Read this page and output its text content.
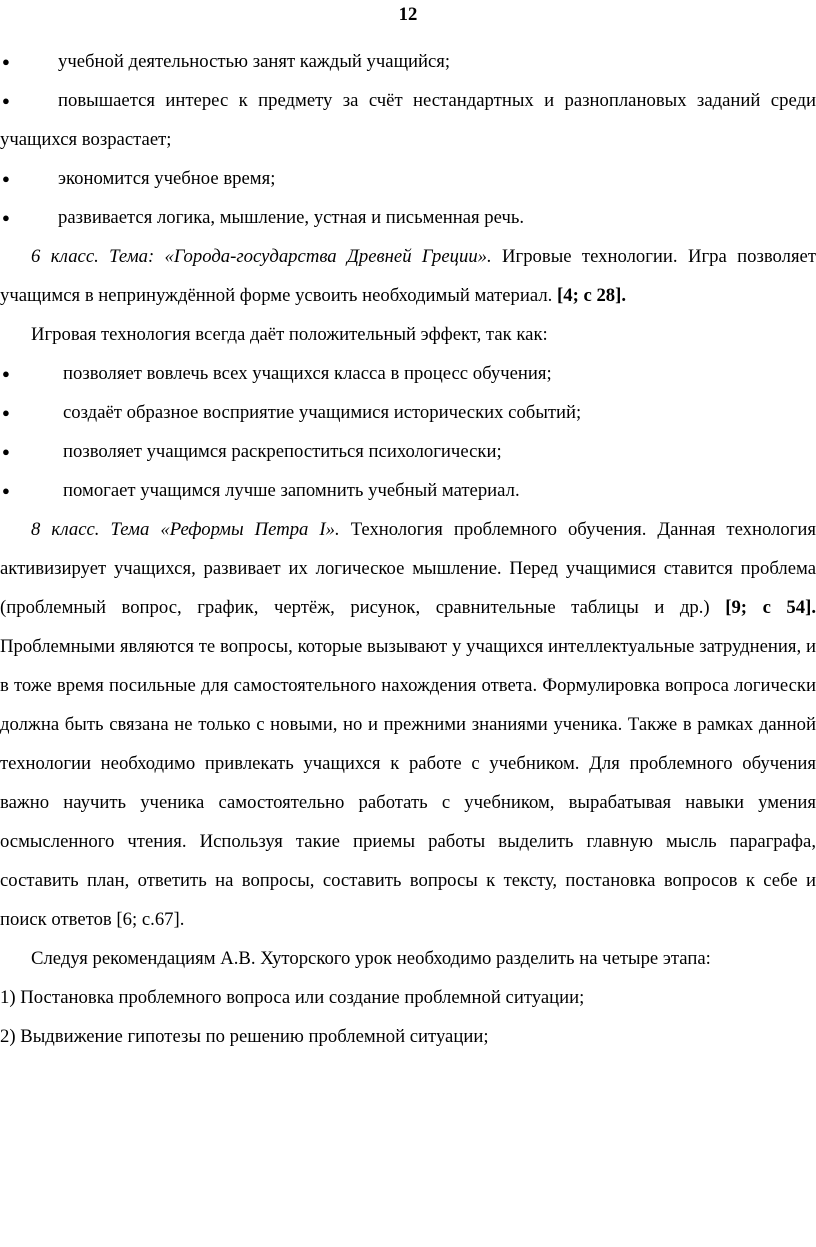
12

●	учебной деятельностью занят каждый учащийся;

●	повышается интерес к предмету за счёт нестандартных и разноплановых заданий среди учащихся возрастает;

●	экономится учебное время;

●	развивается логика, мышление, устная и письменная речь.

6 класс. Тема: «Города-государства Древней Греции». Игровые технологии. Игра позволяет учащимся в непринуждённой форме усвоить необходимый материал. [4; с 28].

Игровая технология всегда даёт положительный эффект, так как:

●	позволяет вовлечь всех учащихся класса в процесс обучения;

●	создаёт образное восприятие учащимися исторических событий;

●	позволяет учащимся раскрепоститься психологически;

●	помогает учащимся лучше запомнить учебный материал.

8 класс. Тема «Реформы Петра I». Технология проблемного обучения. Данная технология активизирует учащихся, развивает их логическое мышление. Перед учащимися ставится проблема (проблемный вопрос, график, чертёж, рисунок, сравнительные таблицы и др.) [9; с 54]. Проблемными являются те вопросы, которые вызывают у учащихся интеллектуальные затруднения, и в тоже время посильные для самостоятельного нахождения ответа. Формулировка вопроса логически должна быть связана не только с новыми, но и прежними знаниями ученика. Также в рамках данной технологии необходимо привлекать учащихся к работе с учебником. Для проблемного обучения важно научить ученика самостоятельно работать с учебником, вырабатывая навыки умения осмысленного чтения. Используя такие приемы работы выделить главную мысль параграфа, составить план, ответить на вопросы, составить вопросы к тексту, постановка вопросов к себе и поиск ответов [6; с.67].

Следуя рекомендациям А.В. Хуторского урок необходимо разделить на четыре этапа:

1) Постановка проблемного вопроса или создание проблемной ситуации;

2) Выдвижение гипотезы по решению проблемной ситуации;
